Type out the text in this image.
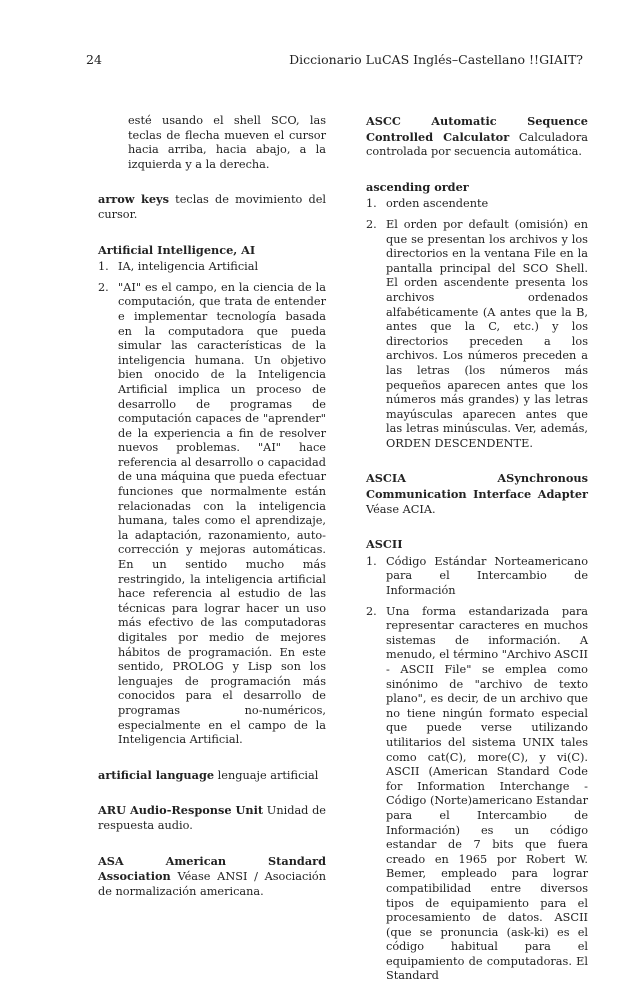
24	Diccionario LuCAS Inglés–Castellano !!GIAIT?

esté usando el shell SCO, las teclas de flecha mueven el cursor hacia arriba, hacia abajo, a la izquierda y a la derecha.

arrow keys teclas de movimiento del cursor.

Artificial Intelligence, AI

1. IA, inteligencia Artificial
2. "AI" es el campo, en la ciencia de la computación, que trata de entender e implementar tecnología basada en la computadora que pueda simular las características de la inteligencia humana. Un objetivo bien onocido de la Inteligencia Artificial implica un proceso de desarrollo de programas de computación capaces de "aprender" de la experiencia a fin de resolver nuevos problemas. "AI" hace referencia al desarrollo o capacidad de una máquina que pueda efectuar funciones que normalmente están relacionadas con la inteligencia humana, tales como el aprendizaje, la adaptación, razonamiento, auto-corrección y mejoras automáticas. En un sentido mucho más restringido, la inteligencia artificial hace referencia al estudio de las técnicas para lograr hacer un uso más efectivo de las computadoras digitales por medio de mejores hábitos de programación. En este sentido, PROLOG y Lisp son los lenguajes de programación más conocidos para el desarrollo de programas no-numéricos, especialmente en el campo de la Inteligencia Artificial.

artificial language lenguaje artificial

ARU Audio-Response Unit Unidad de respuesta audio.

ASA American Standard Association Véase ANSI / Asociación de normalización americana.

ASCC Automatic Sequence Controlled Calculator Calculadora controlada por secuencia automática.

ascending order

1. orden ascendente
2. El orden por default (omisión) en que se presentan los archivos y los directorios en la ventana File en la pantalla principal del SCO Shell. El orden ascendente presenta los archivos ordenados alfabéticamente (A antes que la B, antes que la C, etc.) y los directorios preceden a los archivos. Los números preceden a las letras (los números más pequeños aparecen antes que los números más grandes) y las letras mayúsculas aparecen antes que las letras minúsculas. Ver, además, ORDEN DESCENDENTE.

ASCIA ASynchronous Communication Interface Adapter Véase ACIA.

ASCII

1. Código Estándar Norteamericano para el Intercambio de Información
2. Una forma estandarizada para representar caracteres en muchos sistemas de información. A menudo, el término "Archivo ASCII - ASCII File" se emplea como sinónimo de "archivo de texto plano", es decir, de un archivo que no tiene ningún formato especial que puede verse utilizando utilitarios del sistema UNIX tales como cat(C), more(C), y vi(C). ASCII (American Standard Code for Information Interchange - Código (Norte)americano Estandar para el Intercambio de Información) es un código estandar de 7 bits que fuera creado en 1965 por Robert W. Bemer, empleado para lograr compatibilidad entre diversos tipos de equipamiento para el procesamiento de datos. ASCII (que se pronuncia (ask-ki) es el código habitual para el equipamiento de computadoras. El Standard
